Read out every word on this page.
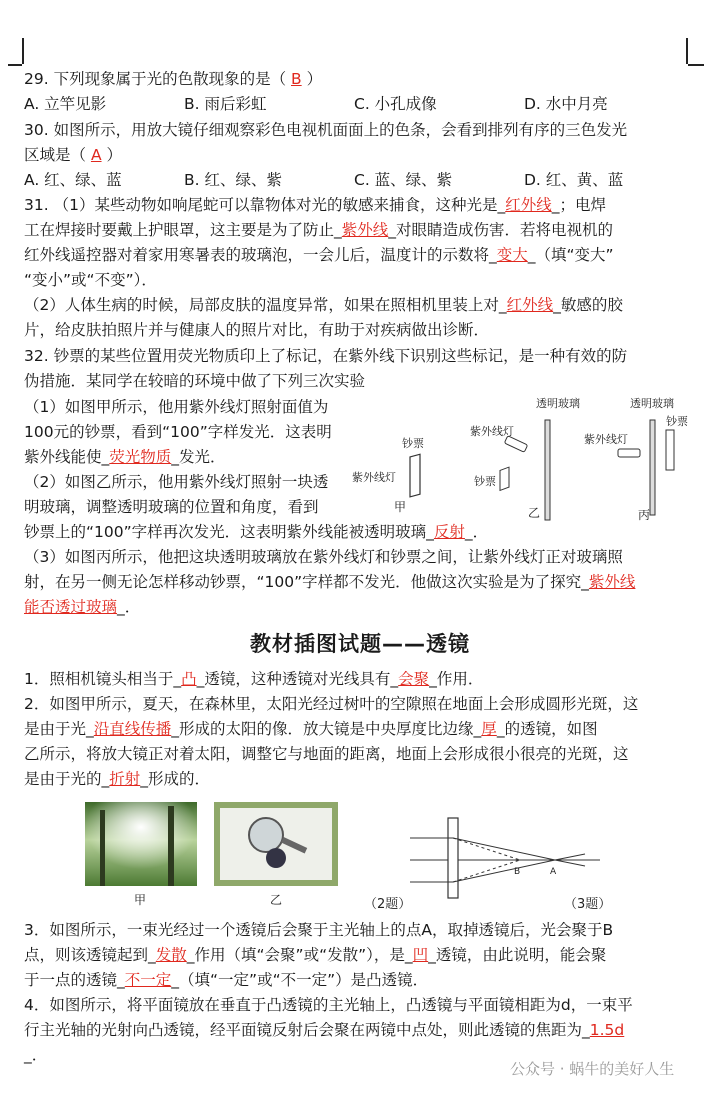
29. 下列现象属于光的色散现象的是（ B ）
A. 立竿见影	B. 雨后彩虹	C. 小孔成像	D. 水中月亮
30. 如图所示，用放大镜仔细观察彩色电视机面面上的色条，会看到排列有序的三色发光
区域是（ A ）
A. 红、绿、蓝	B. 红、绿、紫	C. 蓝、绿、紫	D. 红、黄、蓝
31. （1）某些动物如响尾蛇可以靠物体对光的敏感来捕食，这种光是_红外线_；电焊
工在焊接时要戴上护眼罩，这主要是为了防止_紫外线_对眼睛造成伤害．若将电视机的
红外线遥控器对着家用寒暑表的玻璃泡，一会儿后，温度计的示数将_变大_（填“变大”
“变小”或“不变”）．
（2）人体生病的时候，局部皮肤的温度异常，如果在照相机里装上对_红外线_敏感的胶
片，给皮肤拍照片并与健康人的照片对比，有助于对疾病做出诊断．
32. 钞票的某些位置用荧光物质印上了标记，在紫外线下识别这些标记，是一种有效的防
伪措施．某同学在较暗的环境中做了下列三次实验
（1）如图甲所示，他用紫外线灯照射面值为
100元的钞票，看到“100”字样发光．这表明
紫外线能使_荧光物质_发光．
（2）如图乙所示，他用紫外线灯照射一块透
明玻璃，调整透明玻璃的位置和角度，看到
钞票上的“100”字样再次发光．这表明紫外线能被透明玻璃_反射_．
（3）如图丙所示，他把这块透明玻璃放在紫外线灯和钞票之间，让紫外线灯正对玻璃照
射，在另一侧无论怎样移动钞票，“100”字样都不发光．他做这次实验是为了探究_紫外线
能否透过玻璃_．
钞票
紫外线灯
甲
紫外线灯
透明玻璃
钞票
乙
紫外线灯
透明玻璃
钞票
丙
教材插图试题——透镜
1．照相机镜头相当于_凸_透镜，这种透镜对光线具有_会聚_作用．
2．如图甲所示，夏天，在森林里，太阳光经过树叶的空隙照在地面上会形成圆形光斑，这
是由于光_沿直线传播_形成的太阳的像．放大镜是中央厚度比边缘_厚_的透镜，如图
乙所示，将放大镜正对着太阳，调整它与地面的距离，地面上会形成很小很亮的光斑，这
是由于光的_折射_形成的．
甲	乙	（2题）
B	A
（3题）
3．如图所示，一束光经过一个透镜后会聚于主光轴上的点A，取掉透镜后，光会聚于B
点，则该透镜起到_发散_作用（填“会聚”或“发散”），是_凹_透镜，由此说明，能会聚
于一点的透镜_不一定_（填“一定”或“不一定”）是凸透镜．
4．如图所示，将平面镜放在垂直于凸透镜的主光轴上，凸透镜与平面镜相距为d，一束平
行主光轴的光射向凸透镜，经平面镜反射后会聚在两镜中点处，则此透镜的焦距为_1.5d
_．
公众号 · 蜗牛的美好人生
